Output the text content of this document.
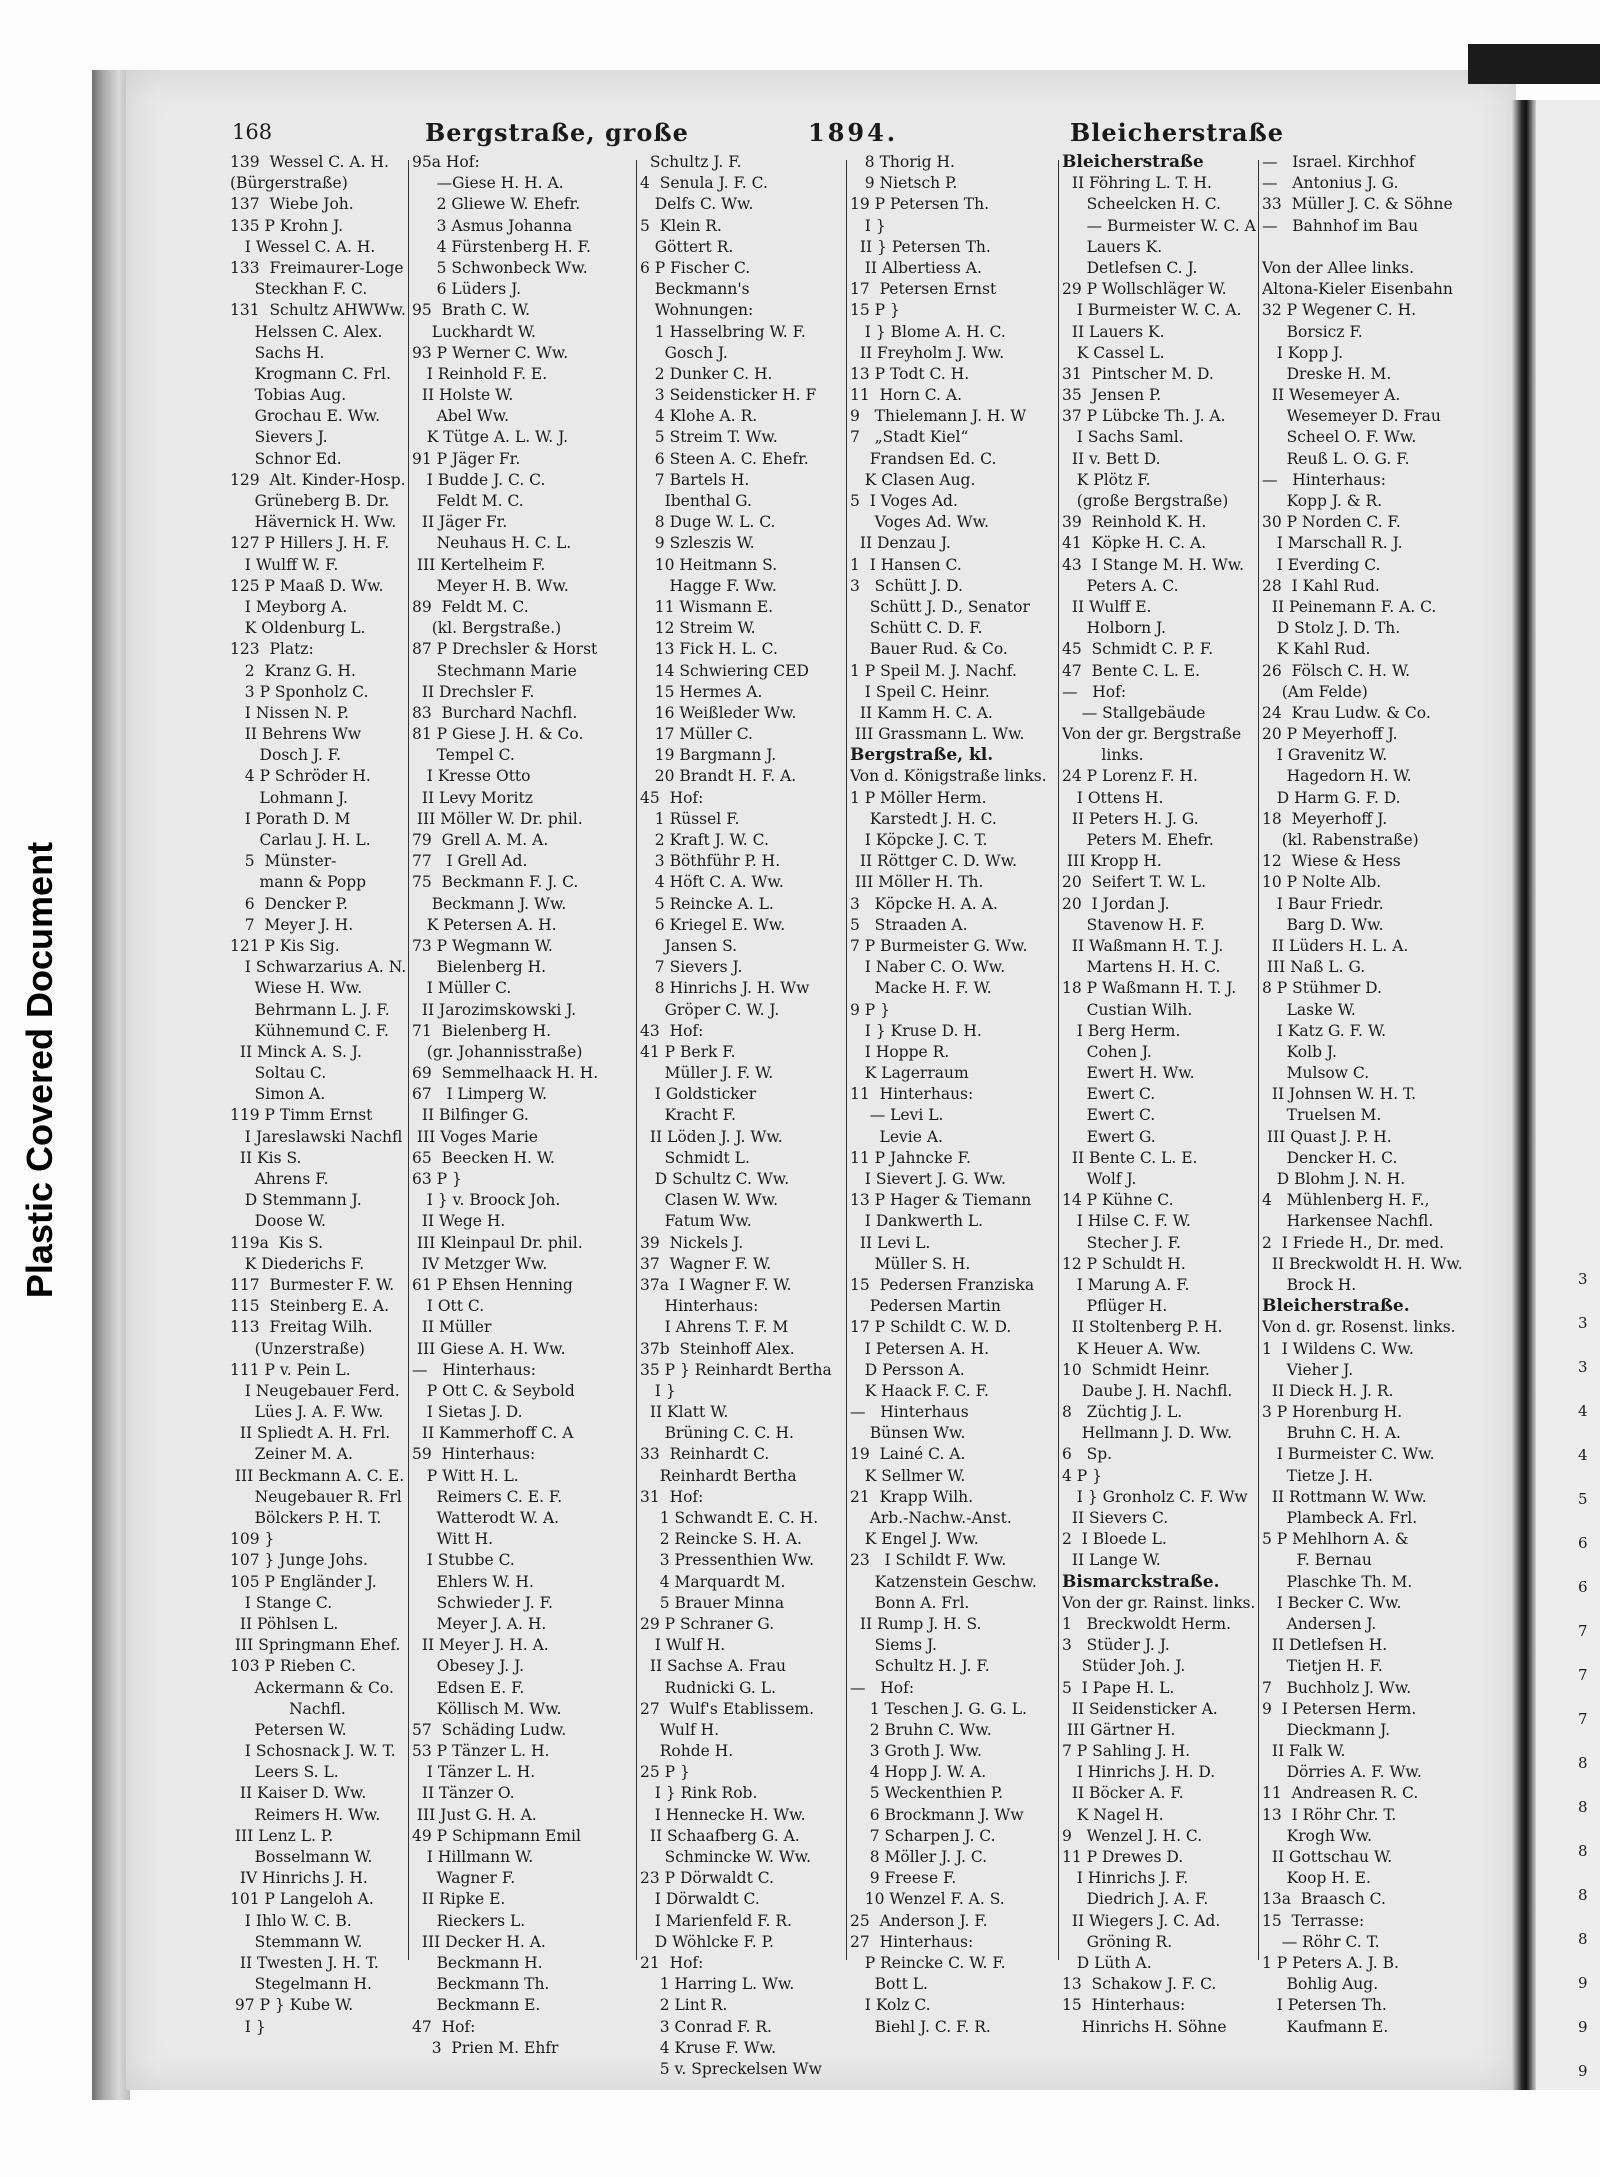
Plastic Covered Document
168	Bergstraße, große	1894.	Bleicherstraße
139  Wessel C. A. H.
(Bürgerstraße)
137  Wiebe Joh.
135 P Krohn J.
I Wessel C. A. H.
133  Freimaurer-Loge
Steckhan F. C.
131  Schultz AHWWw.
Helssen C. Alex.
Sachs H.
Krogmann C. Frl.
Tobias Aug.
Grochau E. Ww.
Sievers J.
Schnor Ed.
129  Alt. Kinder-Hosp.
Grüneberg B. Dr.
Hävernick H. Ww.
127 P Hillers J. H. F.
I Wulff W. F.
125 P Maaß D. Ww.
I Meyborg A.
K Oldenburg L.
123  Platz:
2  Kranz G. H.
3 P Sponholz C.
I Nissen N. P.
II Behrens Ww
Dosch J. F.
4 P Schröder H.
Lohmann J.
I Porath D. M
Carlau J. H. L.
5  Münster-
mann & Popp
6  Dencker P.
7  Meyer J. H.
121 P Kis Sig.
I Schwarzarius A. N.
Wiese H. Ww.
Behrmann L. J. F.
Kühnemund C. F.
II Minck A. S. J.
Soltau C.
Simon A.
119 P Timm Ernst
I Jareslawski Nachfl
II Kis S.
Ahrens F.
D Stemmann J.
Doose W.
119a  Kis S.
K Diederichs F.
117  Burmester F. W.
115  Steinberg E. A.
113  Freitag Wilh.
(Unzerstraße)
111 P v. Pein L.
I Neugebauer Ferd.
Lües J. A. F. Ww.
II Spliedt A. H. Frl.
Zeiner M. A.
III Beckmann A. C. E.
Neugebauer R. Frl
Bölckers P. H. T.
109 }
107 } Junge Johs.
105 P Engländer J.
I Stange C.
II Pöhlsen L.
III Springmann Ehef.
103 P Rieben C.
Ackermann & Co.
Nachfl.
Petersen W.
I Schosnack J. W. T.
Leers S. L.
II Kaiser D. Ww.
Reimers H. Ww.
III Lenz L. P.
Bosselmann W.
IV Hinrichs J. H.
101 P Langeloh A.
I Ihlo W. C. B.
Stemmann W.
II Twesten J. H. T.
Stegelmann H.
97 P } Kube W.
I }
95a Hof:
—Giese H. H. A.
2 Gliewe W. Ehefr.
3 Asmus Johanna
4 Fürstenberg H. F.
5 Schwonbeck Ww.
6 Lüders J.
95  Brath C. W.
Luckhardt W.
93 P Werner C. Ww.
I Reinhold F. E.
II Holste W.
Abel Ww.
K Tütge A. L. W. J.
91 P Jäger Fr.
I Budde J. C. C.
Feldt M. C.
II Jäger Fr.
Neuhaus H. C. L.
III Kertelheim F.
Meyer H. B. Ww.
89  Feldt M. C.
(kl. Bergstraße.)
87 P Drechsler & Horst
Stechmann Marie
II Drechsler F.
83  Burchard Nachfl.
81 P Giese J. H. & Co.
Tempel C.
I Kresse Otto
II Levy Moritz
III Möller W. Dr. phil.
79  Grell A. M. A.
77   I Grell Ad.
75  Beckmann F. J. C.
Beckmann J. Ww.
K Petersen A. H.
73 P Wegmann W.
Bielenberg H.
I Müller C.
II Jarozimskowski J.
71  Bielenberg H.
(gr. Johannisstraße)
69  Semmelhaack H. H.
67   I Limperg W.
II Bilfinger G.
III Voges Marie
65  Beecken H. W.
63 P }
I } v. Broock Joh.
II Wege H.
III Kleinpaul Dr. phil.
IV Metzger Ww.
61 P Ehsen Henning
I Ott C.
II Müller
III Giese A. H. Ww.
—   Hinterhaus:
P Ott C. & Seybold
I Sietas J. D.
II Kammerhoff C. A
59  Hinterhaus:
P Witt H. L.
Reimers C. E. F.
Watterodt W. A.
Witt H.
I Stubbe C.
Ehlers W. H.
Schwieder J. F.
Meyer J. A. H.
II Meyer J. H. A.
Obesey J. J.
Edsen E. F.
Köllisch M. Ww.
57  Schäding Ludw.
53 P Tänzer L. H.
I Tänzer L. H.
II Tänzer O.
III Just G. H. A.
49 P Schipmann Emil
I Hillmann W.
Wagner F.
II Ripke E.
Rieckers L.
III Decker H. A.
Beckmann H.
Beckmann Th.
Beckmann E.
47  Hof:
3  Prien M. Ehfr
Schultz J. F.
4  Senula J. F. C.
Delfs C. Ww.
5  Klein R.
Göttert R.
6 P Fischer C.
Beckmann's
Wohnungen:
1 Hasselbring W. F.
Gosch J.
2 Dunker C. H.
3 Seidensticker H. F
4 Klohe A. R.
5 Streim T. Ww.
6 Steen A. C. Ehefr.
7 Bartels H.
Ibenthal G.
8 Duge W. L. C.
9 Szleszis W.
10 Heitmann S.
Hagge F. Ww.
11 Wismann E.
12 Streim W.
13 Fick H. L. C.
14 Schwiering CED
15 Hermes A.
16 Weißleder Ww.
17 Müller C.
19 Bargmann J.
20 Brandt H. F. A.
45  Hof:
1 Rüssel F.
2 Kraft J. W. C.
3 Böthführ P. H.
4 Höft C. A. Ww.
5 Reincke A. L.
6 Kriegel E. Ww.
Jansen S.
7 Sievers J.
8 Hinrichs J. H. Ww
Gröper C. W. J.
43  Hof:
41 P Berk F.
Müller J. F. W.
I Goldsticker
Kracht F.
II Löden J. J. Ww.
Schmidt L.
D Schultz C. Ww.
Clasen W. Ww.
Fatum Ww.
39  Nickels J.
37  Wagner F. W.
37a  I Wagner F. W.
Hinterhaus:
I Ahrens T. F. M
37b  Steinhoff Alex.
35 P } Reinhardt Bertha
I }
II Klatt W.
Brüning C. C. H.
33  Reinhardt C.
Reinhardt Bertha
31  Hof:
1 Schwandt E. C. H.
2 Reincke S. H. A.
3 Pressenthien Ww.
4 Marquardt M.
5 Brauer Minna
29 P Schraner G.
I Wulf H.
II Sachse A. Frau
Rudnicki G. L.
27  Wulf's Etablissem.
Wulf H.
Rohde H.
25 P }
I } Rink Rob.
I Hennecke H. Ww.
II Schaafberg G. A.
Schmincke W. Ww.
23 P Dörwaldt C.
I Dörwaldt C.
I Marienfeld F. R.
D Wöhlcke F. P.
21  Hof:
1 Harring L. Ww.
2 Lint R.
3 Conrad F. R.
4 Kruse F. Ww.
5 v. Spreckelsen Ww
8 Thorig H.
9 Nietsch P.
19 P Petersen Th.
I }
II } Petersen Th.
II Albertiess A.
17  Petersen Ernst
15 P }
I } Blome A. H. C.
II Freyholm J. Ww.
13 P Todt C. H.
11  Horn C. A.
9   Thielemann J. H. W
7   „Stadt Kiel“
Frandsen Ed. C.
K Clasen Aug.
5  I Voges Ad.
Voges Ad. Ww.
II Denzau J.
1  I Hansen C.
3   Schütt J. D.
Schütt J. D., Senator
Schütt C. D. F.
Bauer Rud. & Co.
1 P Speil M. J. Nachf.
I Speil C. Heinr.
II Kamm H. C. A.
III Grassmann L. Ww.
Bergstraße, kl.
Von d. Königstraße links.
1 P Möller Herm.
Karstedt J. H. C.
I Köpcke J. C. T.
II Röttger C. D. Ww.
III Möller H. Th.
3   Köpcke H. A. A.
5   Straaden A.
7 P Burmeister G. Ww.
I Naber C. O. Ww.
Macke H. F. W.
9 P }
I } Kruse D. H.
I Hoppe R.
K Lagerraum
11  Hinterhaus:
— Levi L.
Levie A.
11 P Jahncke F.
I Sievert J. G. Ww.
13 P Hager & Tiemann
I Dankwerth L.
II Levi L.
Müller S. H.
15  Pedersen Franziska
Pedersen Martin
17 P Schildt C. W. D.
I Petersen A. H.
D Persson A.
K Haack F. C. F.
—   Hinterhaus
Bünsen Ww.
19  Lainé C. A.
K Sellmer W.
21  Krapp Wilh.
Arb.-Nachw.-Anst.
K Engel J. Ww.
23   I Schildt F. Ww.
Katzenstein Geschw.
Bonn A. Frl.
II Rump J. H. S.
Siems J.
Schultz H. J. F.
—   Hof:
1 Teschen J. G. G. L.
2 Bruhn C. Ww.
3 Groth J. Ww.
4 Hopp J. W. A.
5 Weckenthien P.
6 Brockmann J. Ww
7 Scharpen J. C.
8 Möller J. J. C.
9 Freese F.
10 Wenzel F. A. S.
25  Anderson J. F.
27  Hinterhaus:
P Reincke C. W. F.
Bott L.
I Kolz C.
Biehl J. C. F. R.
Bleicherstraße
II Föhring L. T. H.
Scheelcken H. C.
— Burmeister W. C. A
Lauers K.
Detlefsen C. J.
29 P Wollschläger W.
I Burmeister W. C. A.
II Lauers K.
K Cassel L.
31  Pintscher M. D.
35  Jensen P.
37 P Lübcke Th. J. A.
I Sachs Saml.
II v. Bett D.
K Plötz F.
(große Bergstraße)
39  Reinhold K. H.
41  Köpke H. C. A.
43  I Stange M. H. Ww.
Peters A. C.
II Wulff E.
Holborn J.
45  Schmidt C. P. F.
47  Bente C. L. E.
—   Hof:
— Stallgebäude
Von der gr. Bergstraße
links.
24 P Lorenz F. H.
I Ottens H.
II Peters H. J. G.
Peters M. Ehefr.
III Kropp H.
20  Seifert T. W. L.
20  I Jordan J.
Stavenow H. F.
II Waßmann H. T. J.
Martens H. H. C.
18 P Waßmann H. T. J.
Custian Wilh.
I Berg Herm.
Cohen J.
Ewert H. Ww.
Ewert C.
Ewert C.
Ewert G.
II Bente C. L. E.
Wolf J.
14 P Kühne C.
I Hilse C. F. W.
Stecher J. F.
12 P Schuldt H.
I Marung A. F.
Pflüger H.
II Stoltenberg P. H.
K Heuer A. Ww.
10  Schmidt Heinr.
Daube J. H. Nachfl.
8   Züchtig J. L.
Hellmann J. D. Ww.
6   Sp.
4 P }
I } Gronholz C. F. Ww
II Sievers C.
2  I Bloede L.
II Lange W.
Bismarckstraße.
Von der gr. Rainst. links.
1   Breckwoldt Herm.
3   Stüder J. J.
Stüder Joh. J.
5  I Pape H. L.
II Seidensticker A.
III Gärtner H.
7 P Sahling J. H.
I Hinrichs J. H. D.
II Böcker A. F.
K Nagel H.
9   Wenzel J. H. C.
11 P Drewes D.
I Hinrichs J. F.
Diedrich J. A. F.
II Wiegers J. C. Ad.
Gröning R.
D Lüth A.
13  Schakow J. F. C.
15  Hinterhaus:
Hinrichs H. Söhne
—   Israel. Kirchhof
—   Antonius J. G.
33  Müller J. C. & Söhne
—   Bahnhof im Bau
Von der Allee links.
Altona-Kieler Eisenbahn
32 P Wegener C. H.
Borsicz F.
I Kopp J.
Dreske H. M.
II Wesemeyer A.
Wesemeyer D. Frau
Scheel O. F. Ww.
Reuß L. O. G. F.
—   Hinterhaus:
Kopp J. & R.
30 P Norden C. F.
I Marschall R. J.
I Everding C.
28  I Kahl Rud.
II Peinemann F. A. C.
D Stolz J. D. Th.
K Kahl Rud.
26  Fölsch C. H. W.
(Am Felde)
24  Krau Ludw. & Co.
20 P Meyerhoff J.
I Gravenitz W.
Hagedorn H. W.
D Harm G. F. D.
18  Meyerhoff J.
(kl. Rabenstraße)
12  Wiese & Hess
10 P Nolte Alb.
I Baur Friedr.
Barg D. Ww.
II Lüders H. L. A.
III Naß L. G.
8 P Stühmer D.
Laske W.
I Katz G. F. W.
Kolb J.
Mulsow C.
II Johnsen W. H. T.
Truelsen M.
III Quast J. P. H.
Dencker H. C.
D Blohm J. N. H.
4   Mühlenberg H. F.,
Harkensee Nachfl.
2  I Friede H., Dr. med.
II Breckwoldt H. H. Ww.
Brock H.
Bleicherstraße.
Von d. gr. Rosenst. links.
1  I Wildens C. Ww.
Vieher J.
II Dieck H. J. R.
3 P Horenburg H.
Bruhn C. H. A.
I Burmeister C. Ww.
Tietze J. H.
II Rottmann W. Ww.
Plambeck A. Frl.
5 P Mehlhorn A. &
F. Bernau
Plaschke Th. M.
I Becker C. Ww.
Andersen J.
II Detlefsen H.
Tietjen H. F.
7   Buchholz J. Ww.
9  I Petersen Herm.
Dieckmann J.
II Falk W.
Dörries A. F. Ww.
11  Andreasen R. C.
13  I Röhr Chr. T.
Krogh Ww.
II Gottschau W.
Koop H. E.
13a  Braasch C.
15  Terrasse:
— Röhr C. T.
1 P Peters A. J. B.
Bohlig Aug.
I Petersen Th.
Kaufmann E.
3
3
3
4
4
5
6
6
7
7
7
8
8
8
8
8
9
9
9
